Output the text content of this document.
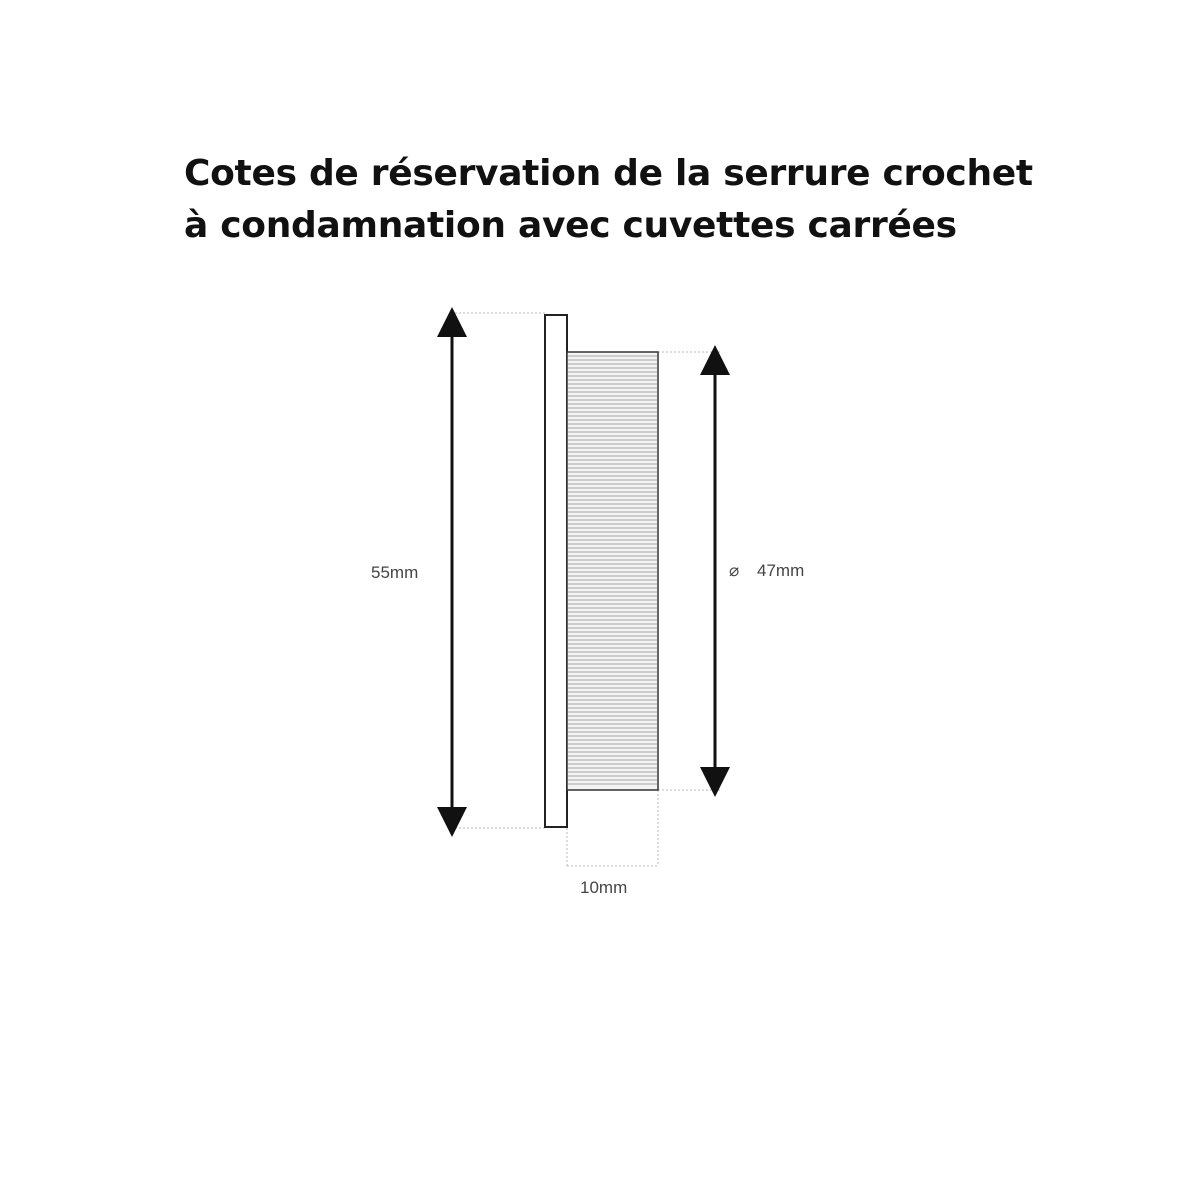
Cotes de réservation de la serrure crochet
à condamnation avec cuvettes carrées
55mm	⌀ 47mm
10mm
